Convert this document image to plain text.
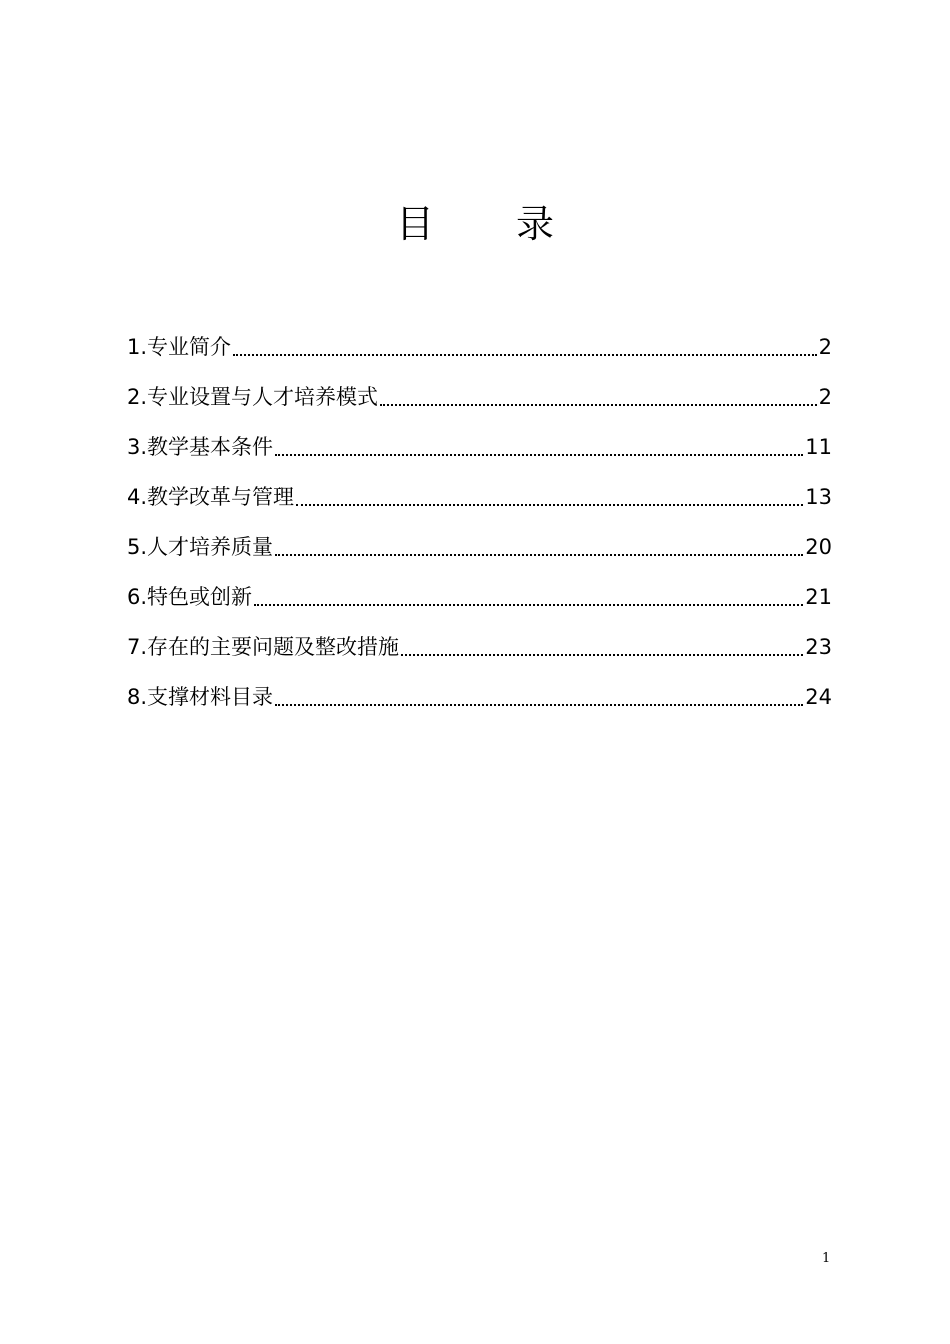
目 录
1.专业简介	2
2.专业设置与人才培养模式	2
3.教学基本条件	11
4.教学改革与管理	13
5.人才培养质量	20
6.特色或创新	21
7.存在的主要问题及整改措施	23
8.支撑材料目录	24
1
